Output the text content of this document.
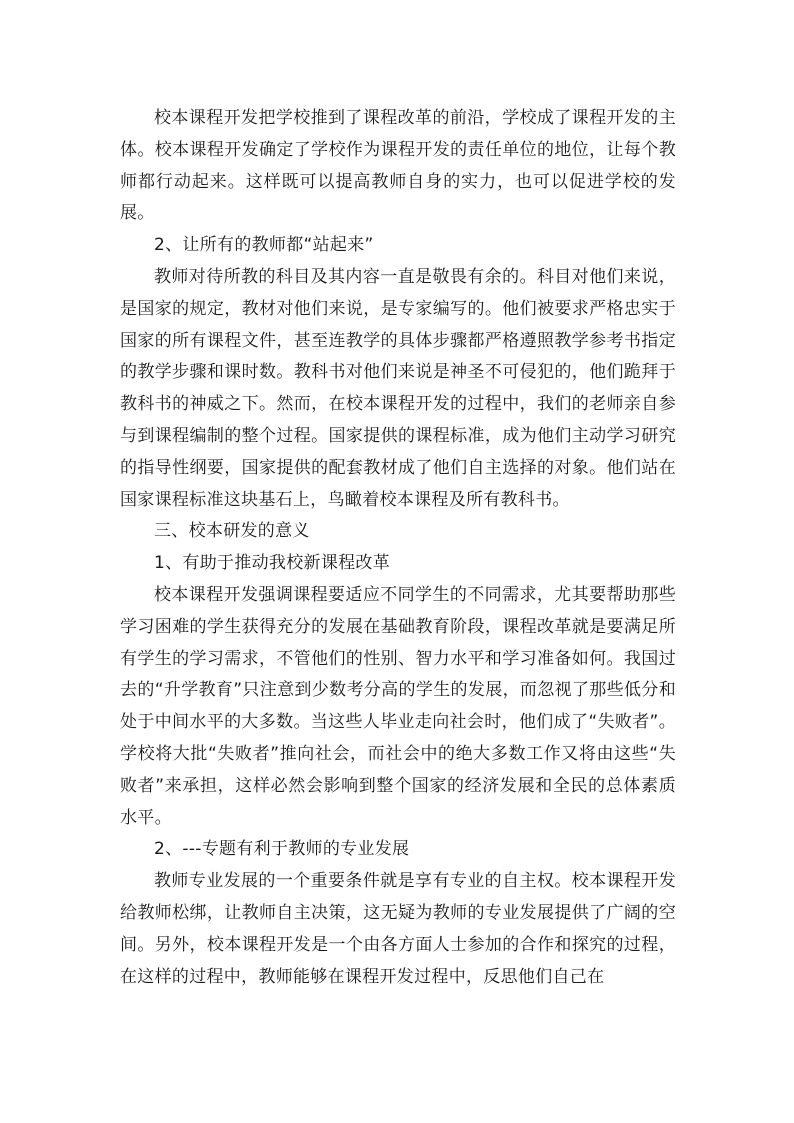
校本课程开发把学校推到了课程改革的前沿，学校成了课程开发的主体。校本课程开发确定了学校作为课程开发的责任单位的地位，让每个教师都行动起来。这样既可以提高教师自身的实力，也可以促进学校的发展。

2、让所有的教师都“站起来”

教师对待所教的科目及其内容一直是敬畏有余的。科目对他们来说，是国家的规定，教材对他们来说，是专家编写的。他们被要求严格忠实于国家的所有课程文件，甚至连教学的具体步骤都严格遵照教学参考书指定的教学步骤和课时数。教科书对他们来说是神圣不可侵犯的，他们跪拜于教科书的神威之下。然而，在校本课程开发的过程中，我们的老师亲自参与到课程编制的整个过程。国家提供的课程标准，成为他们主动学习研究的指导性纲要，国家提供的配套教材成了他们自主选择的对象。他们站在国家课程标准这块基石上，鸟瞰着校本课程及所有教科书。

三、校本研发的意义

1、有助于推动我校新课程改革

校本课程开发强调课程要适应不同学生的不同需求，尤其要帮助那些学习困难的学生获得充分的发展在基础教育阶段，课程改革就是要满足所有学生的学习需求，不管他们的性别、智力水平和学习准备如何。我国过去的“升学教育”只注意到少数考分高的学生的发展，而忽视了那些低分和处于中间水平的大多数。当这些人毕业走向社会时，他们成了“失败者”。学校将大批“失败者”推向社会，而社会中的绝大多数工作又将由这些“失败者”来承担，这样必然会影响到整个国家的经济发展和全民的总体素质水平。

2、---专题有利于教师的专业发展

教师专业发展的一个重要条件就是享有专业的自主权。校本课程开发给教师松绑，让教师自主决策，这无疑为教师的专业发展提供了广阔的空间。另外，校本课程开发是一个由各方面人士参加的合作和探究的过程，在这样的过程中，教师能够在课程开发过程中，反思他们自己在
